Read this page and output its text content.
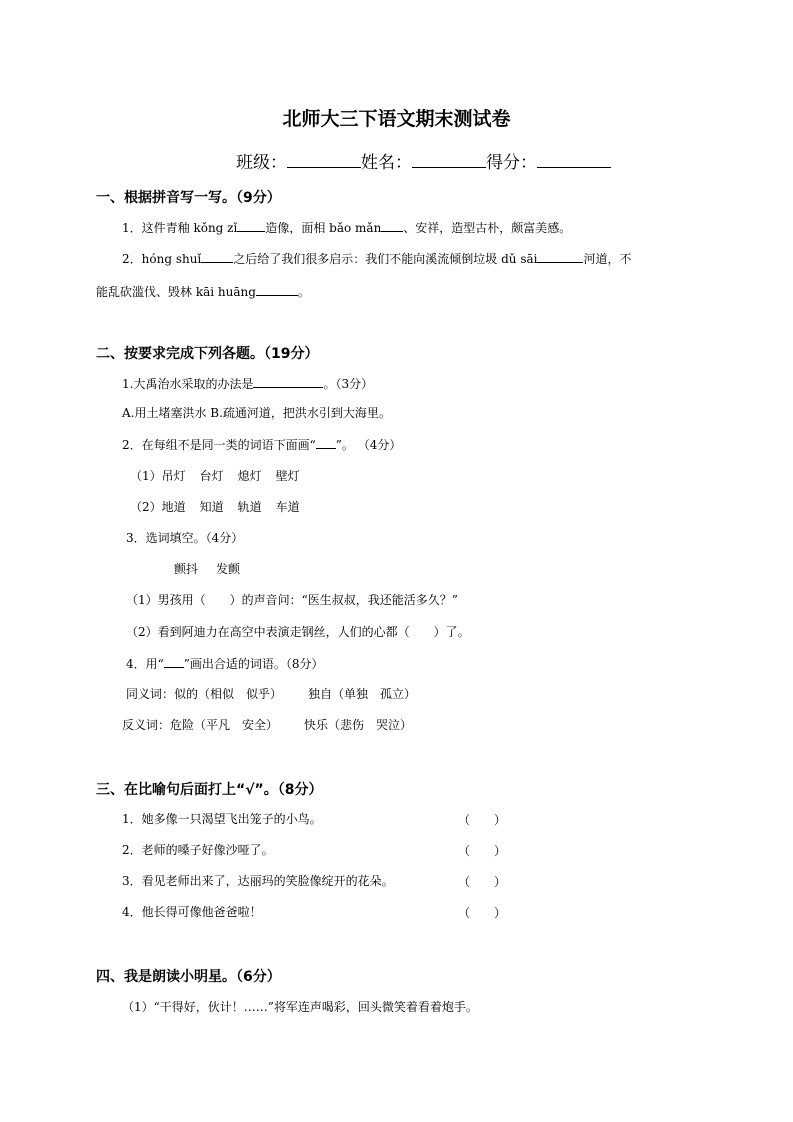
北师大三下语文期末测试卷
班级：	姓名：	得分：
一、根据拼音写一写。（9分）
1．这件青釉 kǒng zǐ 造像，面相 bǎo mǎn 、安祥，造型古朴，颇富美感。
2．hóng shuǐ	之后给了我们很多启示：我们不能向溪流倾倒垃圾 dǔ sāi	河道，不
能乱砍滥伐、毁林 kāi huāng	。
二、按要求完成下列各题。（19分）
1.大禹治水采取的办法是	。（3分）
A.用土堵塞洪水 B.疏通河道，把洪水引到大海里。
2．在每组不是同一类的词语下面画“ ”。 （4分）
（1）吊灯 台灯 熄灯 壁灯
（2）地道 知道 轨道 车道
3．选词填空。（4分）
颤抖 发颤
（1）男孩用（　　）的声音问：“医生叔叔，我还能活多久？”
（2）看到阿迪力在高空中表演走钢丝，人们的心都（　　）了。
4．用“ ”画出合适的词语。（8分）
同义词：似的（相似　似乎） 独自（单独　孤立）
反义词：危险（平凡　安全） 快乐（悲伤　哭泣）
三、在比喻句后面打上“√”。（8分）
1．她多像一只渴望飞出笼子的小鸟。	（　　）
2．老师的嗓子好像沙哑了。	（　　）
3．看见老师出来了，达丽玛的笑脸像绽开的花朵。	（　　）
4．他长得可像他爸爸啦！	（　　）
四、我是朗读小明星。（6分）
（1）“干得好，伙计！……”将军连声喝彩，回头微笑着看着炮手。
